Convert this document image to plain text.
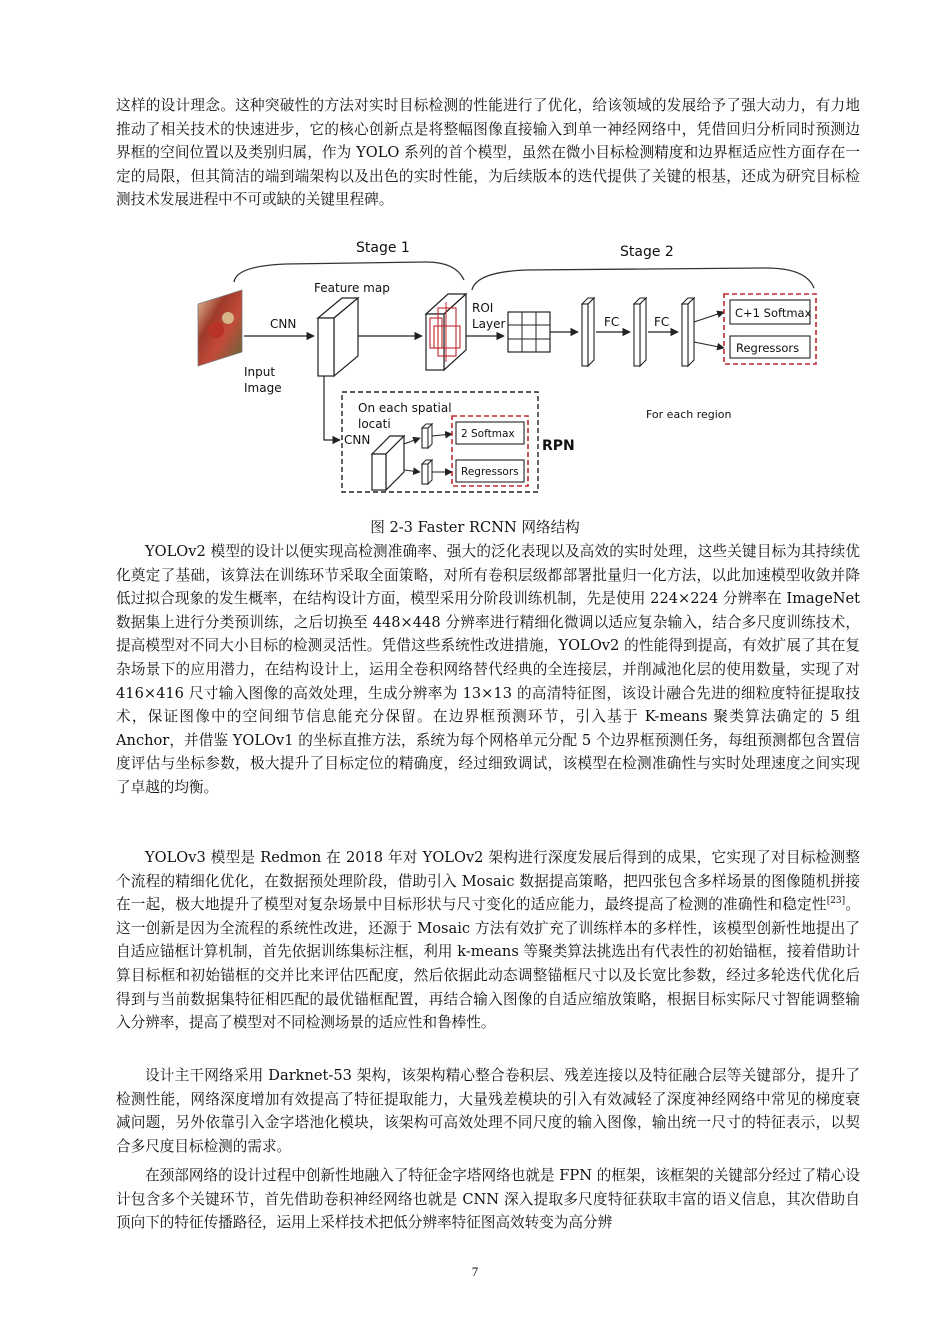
这样的设计理念。这种突破性的方法对实时目标检测的性能进行了优化，给该领域的发展给予了强大动力，有力地推动了相关技术的快速进步，它的核心创新点是将整幅图像直接输入到单一神经网络中，凭借回归分析同时预测边界框的空间位置以及类别归属，作为 YOLO 系列的首个模型，虽然在微小目标检测精度和边界框适应性方面存在一定的局限，但其简洁的端到端架构以及出色的实时性能，为后续版本的迭代提供了关键的根基，还成为研究目标检测技术发展进程中不可或缺的关键里程碑。

Stage 1	Stage 2
Input
Image
CNN
Feature map
ROI
Layer	FC	FC
C+1 Softmax
Regressors
For each region
On each spatial
locati
CNN	2 Softmax
Regressors
RPN
图 2-3 Faster RCNN 网络结构

YOLOv2 模型的设计以便实现高检测准确率、强大的泛化表现以及高效的实时处理，这些关键目标为其持续优化奠定了基础，该算法在训练环节采取全面策略，对所有卷积层级都部署批量归一化方法，以此加速模型收敛并降低过拟合现象的发生概率，在结构设计方面，模型采用分阶段训练机制，先是使用 224×224 分辨率在 ImageNet 数据集上进行分类预训练，之后切换至 448×448 分辨率进行精细化微调以适应复杂输入，结合多尺度训练技术，提高模型对不同大小目标的检测灵活性。凭借这些系统性改进措施，YOLOv2 的性能得到提高，有效扩展了其在复杂场景下的应用潜力，在结构设计上，运用全卷积网络替代经典的全连接层，并削减池化层的使用数量，实现了对 416×416 尺寸输入图像的高效处理，生成分辨率为 13×13 的高清特征图，该设计融合先进的细粒度特征提取技术，保证图像中的空间细节信息能充分保留。在边界框预测环节，引入基于 K-means 聚类算法确定的 5 组 Anchor，并借鉴 YOLOv1 的坐标直推方法，系统为每个网格单元分配 5 个边界框预测任务，每组预测都包含置信度评估与坐标参数，极大提升了目标定位的精确度，经过细致调试，该模型在检测准确性与实时处理速度之间实现了卓越的均衡。

YOLOv3 模型是 Redmon 在 2018 年对 YOLOv2 架构进行深度发展后得到的成果，它实现了对目标检测整个流程的精细化优化，在数据预处理阶段，借助引入 Mosaic 数据提高策略，把四张包含多样场景的图像随机拼接在一起，极大地提升了模型对复杂场景中目标形状与尺寸变化的适应能力，最终提高了检测的准确性和稳定性[23]。这一创新是因为全流程的系统性改进，还源于 Mosaic 方法有效扩充了训练样本的多样性，该模型创新性地提出了自适应锚框计算机制，首先依据训练集标注框，利用 k-means 等聚类算法挑选出有代表性的初始锚框，接着借助计算目标框和初始锚框的交并比来评估匹配度，然后依据此动态调整锚框尺寸以及长宽比参数，经过多轮迭代优化后得到与当前数据集特征相匹配的最优锚框配置，再结合输入图像的自适应缩放策略，根据目标实际尺寸智能调整输入分辨率，提高了模型对不同检测场景的适应性和鲁棒性。

设计主干网络采用 Darknet-53 架构，该架构精心整合卷积层、残差连接以及特征融合层等关键部分，提升了检测性能，网络深度增加有效提高了特征提取能力，大量残差模块的引入有效减轻了深度神经网络中常见的梯度衰减问题，另外依靠引入金字塔池化模块，该架构可高效处理不同尺度的输入图像，输出统一尺寸的特征表示，以契合多尺度目标检测的需求。

在颈部网络的设计过程中创新性地融入了特征金字塔网络也就是 FPN 的框架，该框架的关键部分经过了精心设计包含多个关键环节，首先借助卷积神经网络也就是 CNN 深入提取多尺度特征获取丰富的语义信息，其次借助自顶向下的特征传播路径，运用上采样技术把低分辨率特征图高效转变为高分辨

7
